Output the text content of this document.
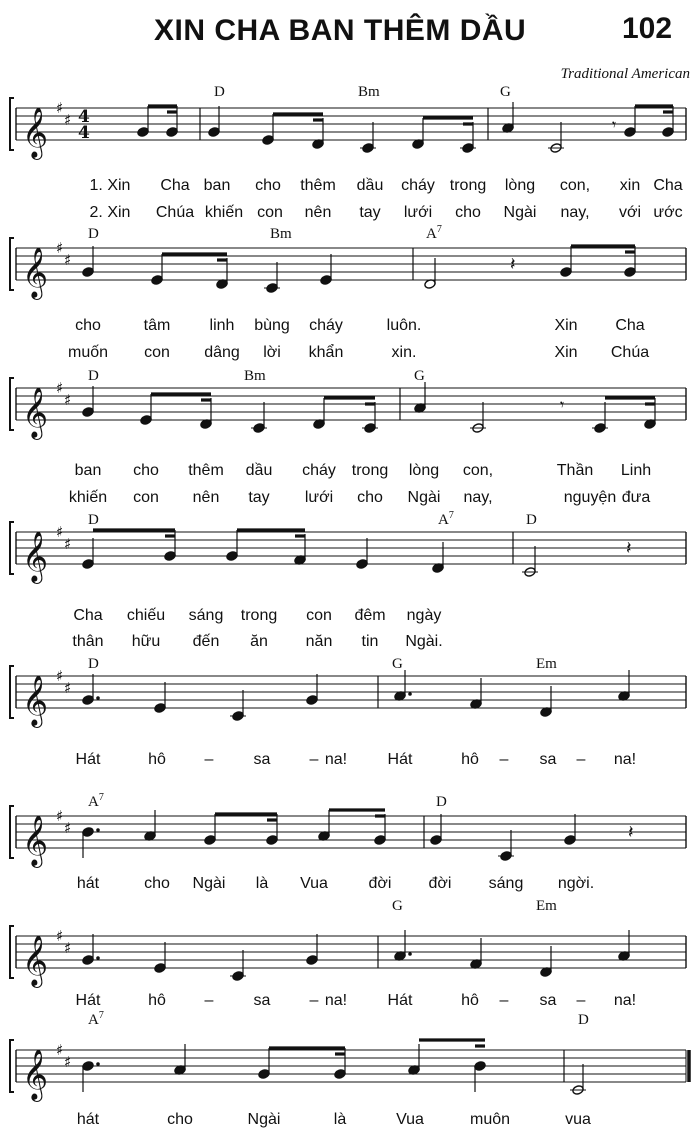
XIN CHA BAN THÊM DẦU	102
Traditional American
𝄞 ♯
♯ 4
4	𝄾
D	Bm	G
1. Xin Cha ban cho thêm dầu cháy trong lòng con, xin Cha
2. Xin Chúa khiến con nên tay lưới cho Ngài nay, với ước
𝄞 ♯
♯	𝄽
D	Bm	$A^7$
cho	tâm linh bùng cháy	luôn.	Xin Cha
muốn con dâng lời khẩn	xin.	Xin Chúa
𝄞 ♯
♯	𝄾
D	Bm	G
ban cho thêm dầu cháy trong lòng con,	Thần Linh
khiến con nên tay lưới cho Ngài nay,	nguyện đưa
𝄞 ♯
♯	𝄽
D	$A^7$	D
Cha chiếu sáng trong con đêm ngày
thân hữu đến ăn năn tin Ngài.
𝄞 ♯
♯
D	G	Em
Hát	hô –	sa – na!	Hát	hô – sa – na!
𝄞 ♯
♯	𝄽
$A^7$	D
hát	cho Ngài là Vua	đời đời sáng ngời.
𝄞 ♯
♯
G	Em
Hát	hô –	sa – na!	Hát	hô – sa – na!
𝄞 ♯
♯
$A^7$	D
hát	cho	Ngài	là	Vua	muôn	vua
